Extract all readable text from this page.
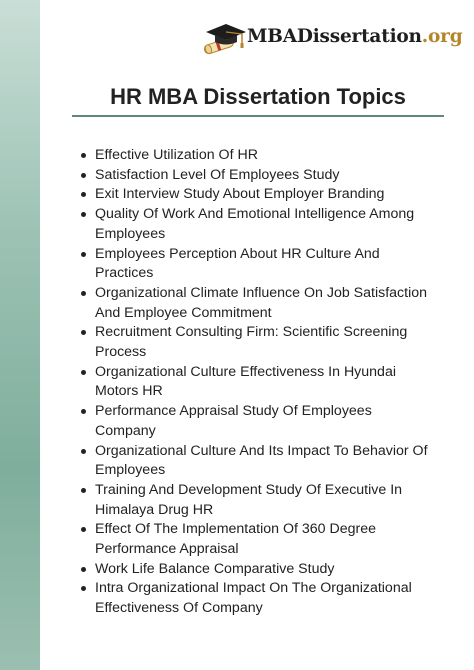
MBADissertation.org
HR MBA Dissertation Topics
Effective Utilization Of HR
Satisfaction Level Of Employees Study
Exit Interview Study About Employer Branding
Quality Of Work And Emotional Intelligence Among Employees
Employees Perception About HR Culture And Practices
Organizational Climate Influence On Job Satisfaction And Employee Commitment
Recruitment Consulting Firm: Scientific Screening Process
Organizational Culture Effectiveness In Hyundai Motors HR
Performance Appraisal Study Of Employees Company
Organizational Culture And Its Impact To Behavior Of Employees
Training And Development Study Of Executive In Himalaya Drug HR
Effect Of The Implementation Of 360 Degree Performance Appraisal
Work Life Balance Comparative Study
Intra Organizational Impact On The Organizational Effectiveness Of Company
